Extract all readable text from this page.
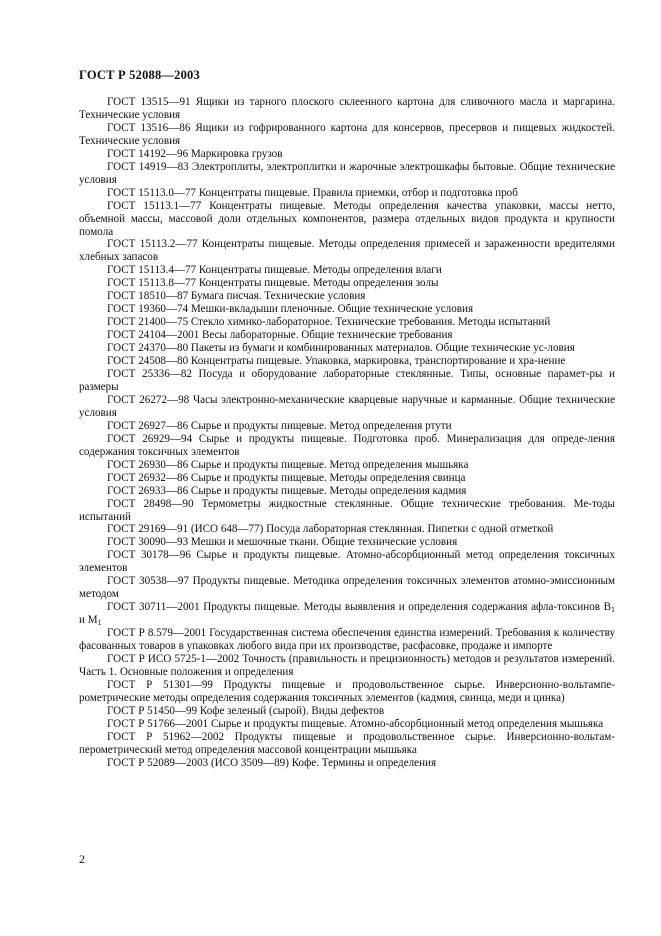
ГОСТ Р 52088—2003

ГОСТ 13515—91 Ящики из тарного плоского склеенного картона для сливочного масла и маргарина. Технические условия

ГОСТ 13516—86 Ящики из гофрированного картона для консервов, пресервов и пищевых жидкостей. Технические условия

ГОСТ 14192—96 Маркировка грузов

ГОСТ 14919—83 Электроплиты, электроплитки и жарочные электрошкафы бытовые. Общие технические условия

ГОСТ 15113.0—77 Концентраты пищевые. Правила приемки, отбор и подготовка проб

ГОСТ 15113.1—77 Концентраты пищевые. Методы определения качества упаковки, массы нетто, объемной массы, массовой доли отдельных компонентов, размера отдельных видов продукта и крупности помола

ГОСТ 15113.2—77 Концентраты пищевые. Методы определения примесей и зараженности вредителями хлебных запасов

ГОСТ 15113.4—77 Концентраты пищевые. Методы определения влаги

ГОСТ 15113.8—77 Концентраты пищевые. Методы определения золы

ГОСТ 18510—87 Бумага писчая. Технические условия

ГОСТ 19360—74 Мешки-вкладыши пленочные. Общие технические условия

ГОСТ 21400—75 Стекло химико-лабораторное. Технические требования. Методы испытаний

ГОСТ 24104—2001 Весы лабораторные. Общие технические требования

ГОСТ 24370—80 Пакеты из бумаги и комбинированных материалов. Общие технические ус-ловия

ГОСТ 24508—80 Концентраты пищевые. Упаковка, маркировка, транспортирование и хра-нение

ГОСТ 25336—82 Посуда и оборудование лабораторные стеклянные. Типы, основные парамет-ры и размеры

ГОСТ 26272—98 Часы электронно-механические кварцевые наручные и карманные. Общие технические условия

ГОСТ 26927—86 Сырье и продукты пищевые. Метод определения ртути

ГОСТ 26929—94 Сырье и продукты пищевые. Подготовка проб. Минерализация для опреде-ления содержания токсичных элементов

ГОСТ 26930—86 Сырье и продукты пищевые. Метод определения мышьяка

ГОСТ 26932—86 Сырье и продукты пищевые. Методы определения свинца

ГОСТ 26933—86 Сырье и продукты пищевые. Методы определения кадмия

ГОСТ 28498—90 Термометры жидкостные стеклянные. Общие технические требования. Ме-тоды испытаний

ГОСТ 29169—91 (ИСО 648—77) Посуда лабораторная стеклянная. Пипетки с одной отметкой

ГОСТ 30090—93 Мешки и мешочные ткани. Общие технические условия

ГОСТ 30178—96 Сырье и продукты пищевые. Атомно-абсорбционный метод определения токсичных элементов

ГОСТ 30538—97 Продукты пищевые. Методика определения токсичных элементов атомно-эмиссионным методом

ГОСТ 30711—2001 Продукты пищевые. Методы выявления и определения содержания афла-токсинов $В_1$ и $М_1$

ГОСТ Р 8.579—2001 Государственная система обеспечения единства измерений. Требования к количеству фасованных товаров в упаковках любого вида при их производстве, расфасовке, продаже и импорте

ГОСТ Р ИСО 5725-1—2002 Точность (правильность и прецизионность) методов и результатов измерений. Часть 1. Основные положения и определения

ГОСТ Р 51301—99 Продукты пищевые и продовольственное сырье. Инверсионно-вольтампе-рометрические методы определения содержания токсичных элементов (кадмия, свинца, меди и цинка)

ГОСТ Р 51450—99 Кофе зеленый (сырой). Виды дефектов

ГОСТ Р 51766—2001 Сырье и продукты пищевые. Атомно-абсорбционный метод определения мышьяка

ГОСТ Р 51962—2002 Продукты пищевые и продовольственное сырье. Инверсионно-вольтам-перометрический метод определения массовой концентрации мышьяка

ГОСТ Р 52089—2003 (ИСО 3509—89) Кофе. Термины и определения

2
